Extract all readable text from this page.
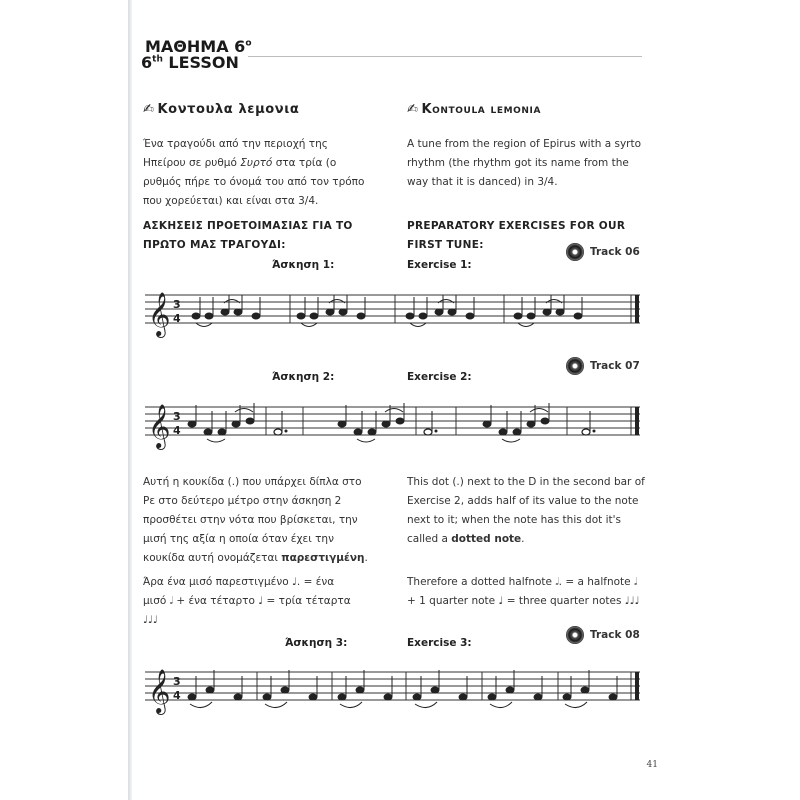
ΜΑΘΗΜΑ $6^o$
6th LESSON
✍ Κοντουλα λεμονια	✍ Kontoula lemonia
Ένα τραγούδι από την περιοχή της Ηπείρου σε ρυθμό Συρτό στα τρία (ο ρυθμός πήρε το όνομά του από τον τρόπο που χορεύεται) και είναι στα 3/4.
A tune from the region of Epirus with a syrto rhythm (the rhythm got its name from the way that it is danced) in 3/4.
ΑΣΚΗΣΕΙΣ ΠΡΟΕΤΟΙΜΑΣΙΑΣ ΓΙΑ ΤΟ ΠΡΩΤΟ ΜΑΣ ΤΡΑΓΟΥΔΙ:
PREPARATORY EXERCISES FOR OUR FIRST TUNE:
Άσκηση 1:	Exercise 1:
Track 06
𝄞 3
4
Άσκηση 2:	Exercise 2:
Track 07
𝄞 3
4
Αυτή η κουκίδα (.) που υπάρχει δίπλα στο Ρε στο δεύτερο μέτρο στην άσκηση 2 προσθέτει στην νότα που βρίσκεται, την μισή της αξία η οποία όταν έχει την κουκίδα αυτή ονομάζεται παρεστιγμένη.
This dot (.) next to the D in the second bar of Exercise 2, adds half of its value to the note next to it; when the note has this dot it's called a dotted note.
Άρα ένα μισό παρεστιγμένο ♩. = ένα μισό 𝅗𝅥 + ένα τέταρτο ♩ = τρία τέταρτα ♩♩♩
Therefore a dotted halfnote 𝅗𝅥. = a halfnote 𝅗𝅥 + 1 quarter note ♩ = three quarter notes ♩♩♩
Άσκηση 3:	Exercise 3:
Track 08
𝄞 3
4
41
